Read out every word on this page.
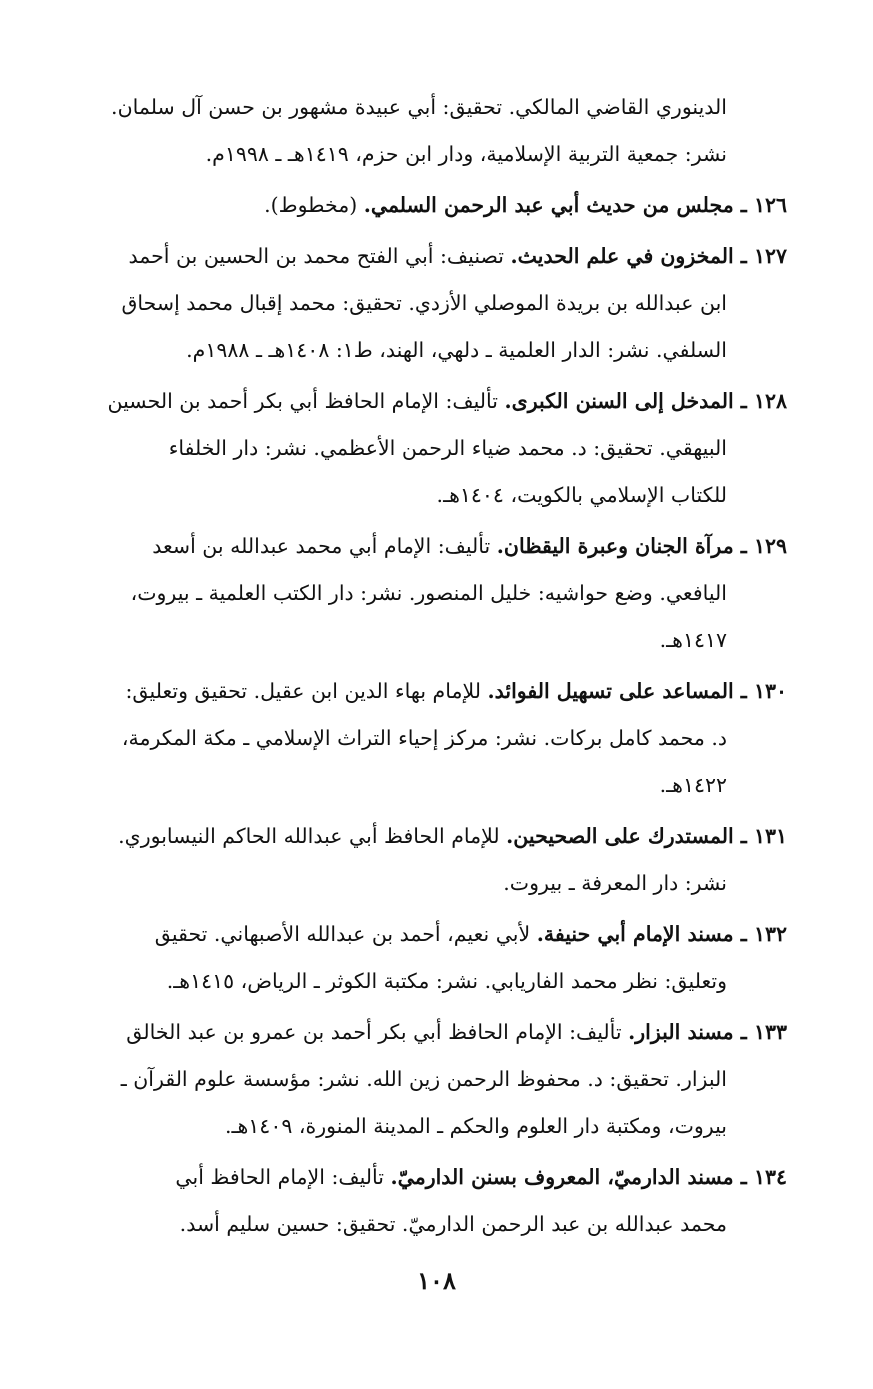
الدينوري القاضي المالكي. تحقيق: أبي عبيدة مشهور بن حسن آل سلمان.
نشر: جمعية التربية الإسلامية، ودار ابن حزم، ١٤١٩هـ ـ ١٩٩٨م.
١٢٦ ـ مجلس من حديث أبي عبد الرحمن السلمي. (مخطوط).
١٢٧ ـ المخزون في علم الحديث. تصنيف: أبي الفتح محمد بن الحسين بن أحمد
ابن عبدالله بن بريدة الموصلي الأزدي. تحقيق: محمد إقبال محمد إسحاق
السلفي. نشر: الدار العلمية ـ دلهي، الهند، ط١: ١٤٠٨هـ ـ ١٩٨٨م.
١٢٨ ـ المدخل إلى السنن الكبرى. تأليف: الإمام الحافظ أبي بكر أحمد بن الحسين
البيهقي. تحقيق: د. محمد ضياء الرحمن الأعظمي. نشر: دار الخلفاء
للكتاب الإسلامي بالكويت، ١٤٠٤هـ.
١٢٩ ـ مرآة الجنان وعبرة اليقظان. تأليف: الإمام أبي محمد عبدالله بن أسعد
اليافعي. وضع حواشيه: خليل المنصور. نشر: دار الكتب العلمية ـ بيروت،
١٤١٧هـ.
١٣٠ ـ المساعد على تسهيل الفوائد. للإمام بهاء الدين ابن عقيل. تحقيق وتعليق:
د. محمد كامل بركات. نشر: مركز إحياء التراث الإسلامي ـ مكة المكرمة،
١٤٢٢هـ.
١٣١ ـ المستدرك على الصحيحين. للإمام الحافظ أبي عبدالله الحاكم النيسابوري.
نشر: دار المعرفة ـ بيروت.
١٣٢ ـ مسند الإمام أبي حنيفة. لأبي نعيم، أحمد بن عبدالله الأصبهاني. تحقيق
وتعليق: نظر محمد الفاريابي. نشر: مكتبة الكوثر ـ الرياض، ١٤١٥هـ.
١٣٣ ـ مسند البزار. تأليف: الإمام الحافظ أبي بكر أحمد بن عمرو بن عبد الخالق
البزار. تحقيق: د. محفوظ الرحمن زين الله. نشر: مؤسسة علوم القرآن ـ
بيروت، ومكتبة دار العلوم والحكم ـ المدينة المنورة، ١٤٠٩هـ.
١٣٤ ـ مسند الدارميّ، المعروف بسنن الدارميّ. تأليف: الإمام الحافظ أبي
محمد عبدالله بن عبد الرحمن الدارميّ. تحقيق: حسين سليم أسد.
١٠٨
